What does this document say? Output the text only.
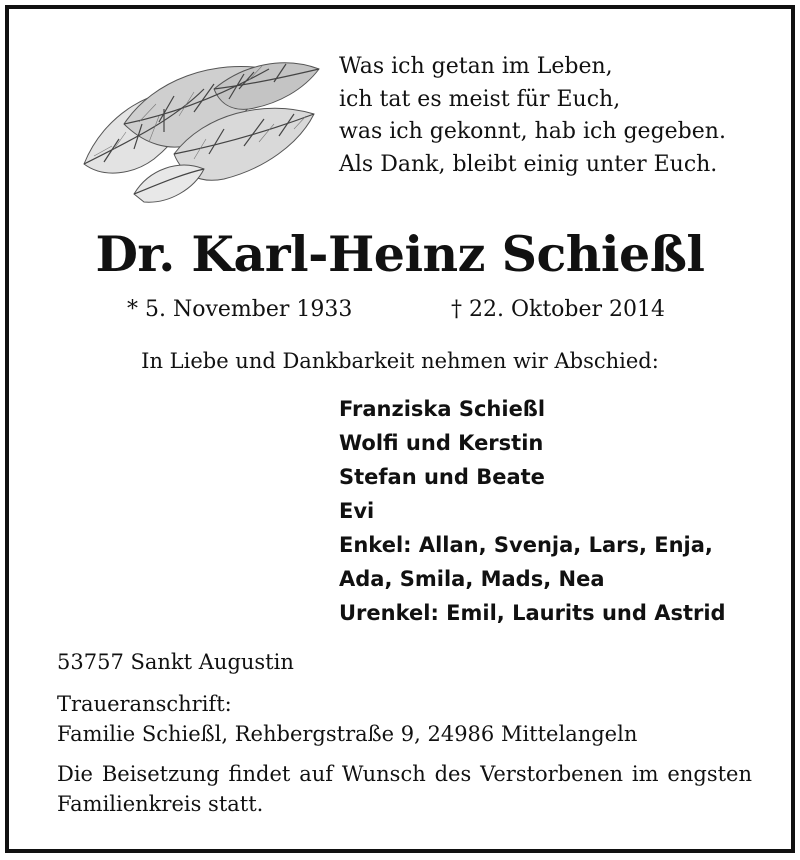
Was ich getan im Leben,
ich tat es meist für Euch,
was ich gekonnt, hab ich gegeben.
Als Dank, bleibt einig unter Euch.
Dr. Karl-Heinz Schießl
* 5. November 1933	† 22. Oktober 2014
In Liebe und Dankbarkeit nehmen wir Abschied:
Franziska Schießl
Wolfi und Kerstin
Stefan und Beate
Evi
Enkel: Allan, Svenja, Lars, Enja,
Ada, Smila, Mads, Nea
Urenkel: Emil, Laurits und Astrid
53757 Sankt Augustin
Traueranschrift:
Familie Schießl, Rehbergstraße 9, 24986 Mittelangeln
Die Beisetzung findet auf Wunsch des Verstorbenen im engsten Familienkreis statt.
